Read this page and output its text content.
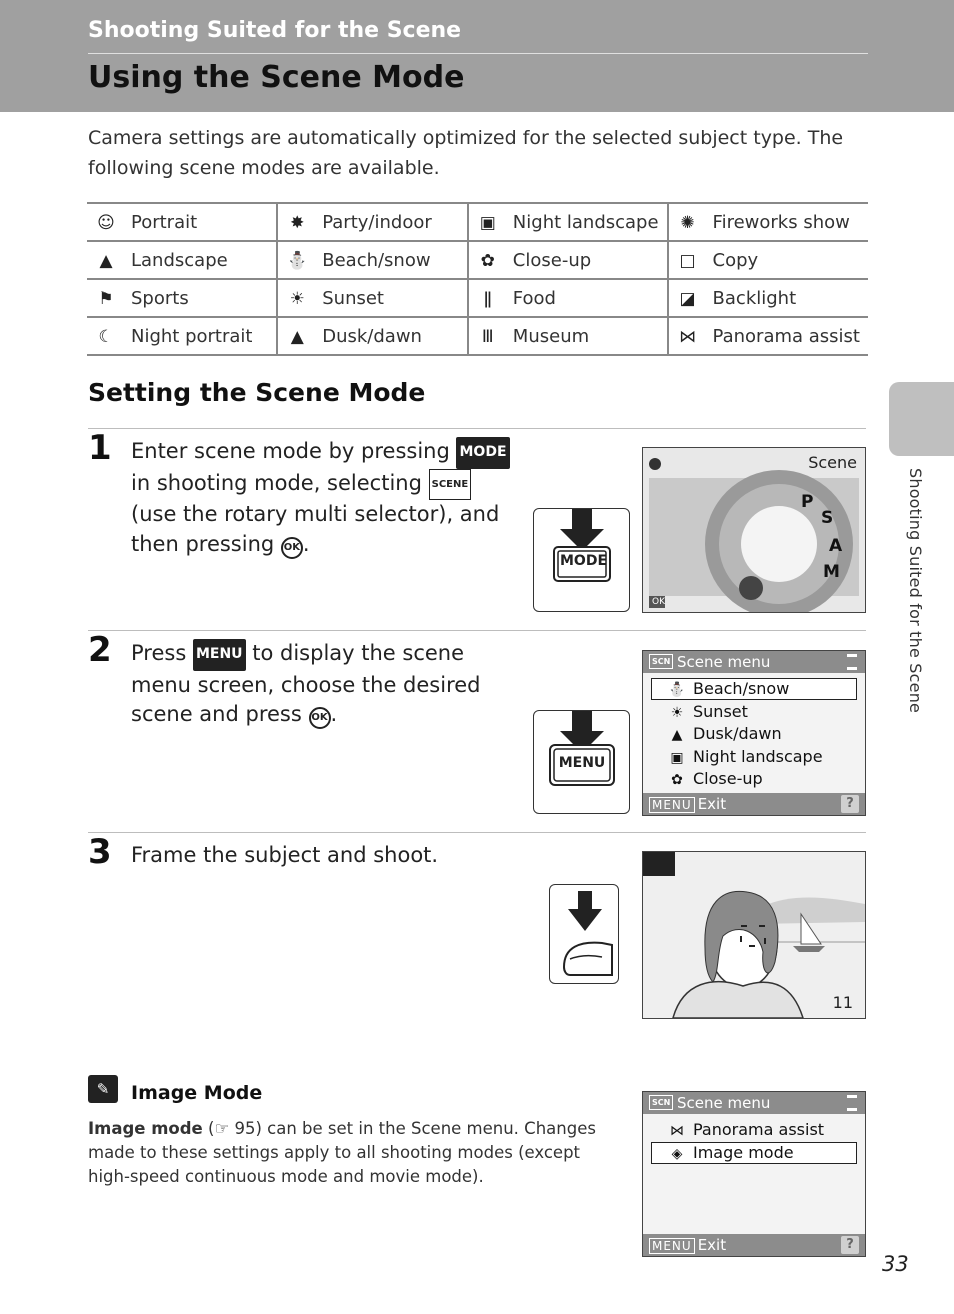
Shooting Suited for the Scene
Using the Scene Mode
Camera settings are automatically optimized for the selected subject type. The following scene modes are available.
☺ Portrait	✸ Party/indoor	▣ Night landscape	✺ Fireworks show
▲ Landscape	⛄ Beach/snow	✿ Close-up	□ Copy
⚑ Sports	☀ Sunset	ǁ Food	◪ Backlight
☾ Night portrait	▲ Dusk/dawn	Ⅲ Museum	⋈ Panorama assist
Setting the Scene Mode
1 Enter scene mode by pressing MODE
in shooting mode, selecting SCENE (use the rotary multi selector), and then pressing OK .
MODE
Scene
P
S
A
M
OK
2 Press MENU to display the scene menu screen, choose the desired scene and press OK .
MENU
SCN Scene menu
⛄ Beach/snow
☀ Sunset
▲ Dusk/dawn
▣ Night landscape
✿ Close-up
MENU Exit	?
3 Frame the subject and shoot.
11
✎	Image Mode
Image mode (☞ 95) can be set in the Scene menu. Changes made to these settings apply to all shooting modes (except high-speed continuous mode and movie mode).
SCN Scene menu
⋈ Panorama assist
◈ Image mode
MENU Exit	?
Shooting Suited for the Scene
33
